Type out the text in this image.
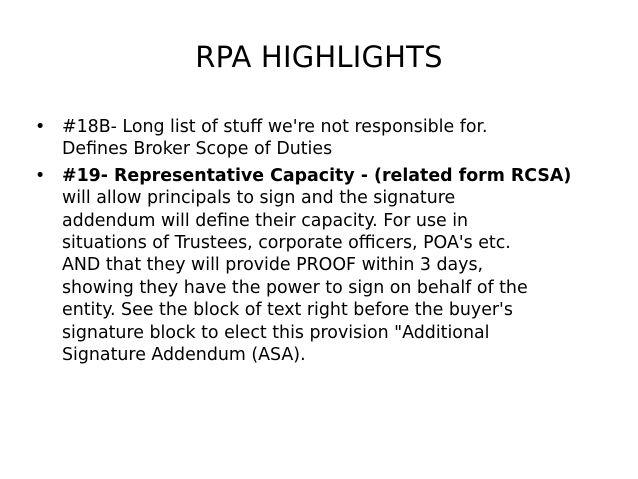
RPA HIGHLIGHTS
• #18B- Long list of stuff we're not responsible for.
Defines Broker Scope of Duties
• #19- Representative Capacity - (related form RCSA)
will allow principals to sign and the signature
addendum will define their capacity. For use in
situations of Trustees, corporate officers, POA's etc.
AND that they will provide PROOF within 3 days,
showing they have the power to sign on behalf of the
entity. See the block of text right before the buyer's
signature block to elect this provision "Additional
Signature Addendum (ASA).
